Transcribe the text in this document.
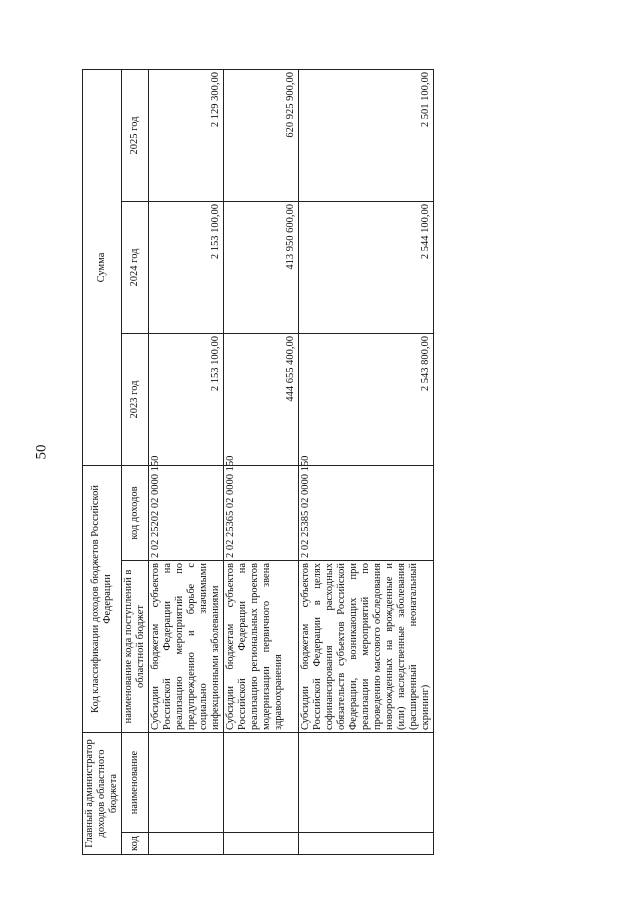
50
Главный администратор доходов областного бюджета		Код классификации доходов бюджетов Российской Федерации		Сумма		
код	наименование	наименование кода поступлений в областной бюджет	код доходов	2023 год	2024 год	2025 год
		Субсидии бюджетам субъектов Российской Федерации на реализацию мероприятий по предупреждению и борьбе с социально значимыми инфекционными заболеваниями	2 02 25202 02 0000 150	2 153 100,00	2 153 100,00	2 129 300,00
		Субсидии бюджетам субъектов Российской Федерации на реализацию региональных проектов модернизации первичного звена здравоохранения	2 02 25365 02 0000 150	444 655 400,00	413 950 600,00	620 925 900,00
		Субсидии бюджетам субъектов Российской Федерации в целях софинансирования расходных обязательств субъектов Российской Федерации, возникающих при реализации мероприятий по проведению массового обследования новорожденных на врожденные и (или) наследственные заболевания (расширенный неонатальный скрининг)	2 02 25385 02 0000 150	2 543 800,00	2 544 100,00	2 501 100,00
